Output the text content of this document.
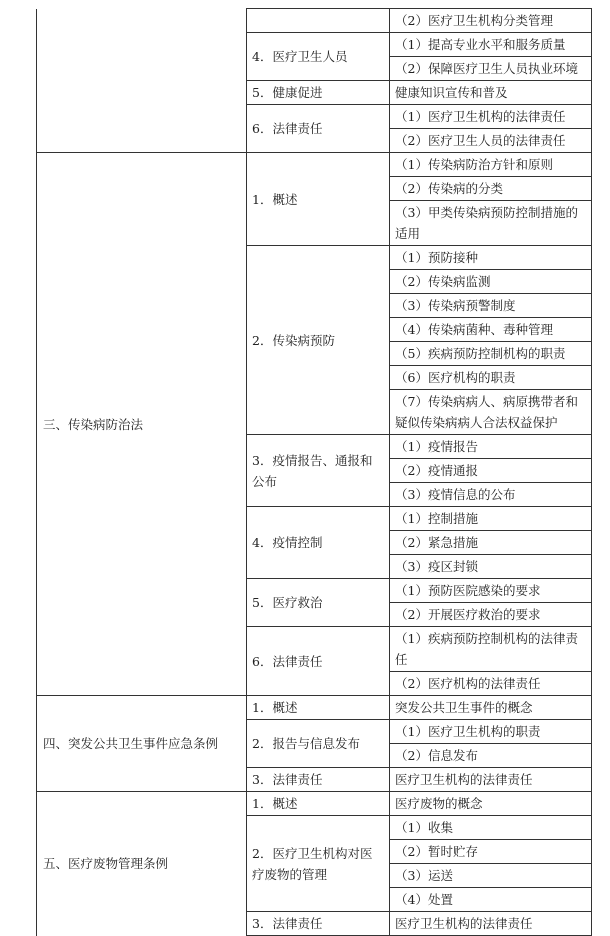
		（2）医疗卫生机构分类管理
	4．医疗卫生人员	（1）提高专业水平和服务质量
		（2）保障医疗卫生人员执业环境
	5．健康促进	健康知识宣传和普及
	6．法律责任	（1）医疗卫生机构的法律责任
		（2）医疗卫生人员的法律责任
三、传染病防治法	1．概述	（1）传染病防治方针和原则
		（2）传染病的分类
		（3）甲类传染病预防控制措施的适用
	2．传染病预防	（1）预防接种
		（2）传染病监测
		（3）传染病预警制度
		（4）传染病菌种、毒种管理
		（5）疾病预防控制机构的职责
		（6）医疗机构的职责
		（7）传染病病人、病原携带者和疑似传染病病人合法权益保护
	3．疫情报告、通报和公布	（1）疫情报告
		（2）疫情通报
		（3）疫情信息的公布
	4．疫情控制	（1）控制措施
		（2）紧急措施
		（3）疫区封锁
	5．医疗救治	（1）预防医院感染的要求
		（2）开展医疗救治的要求
	6．法律责任	（1）疾病预防控制机构的法律责任
		（2）医疗机构的法律责任
四、突发公共卫生事件应急条例	1．概述	突发公共卫生事件的概念
	2．报告与信息发布	（1）医疗卫生机构的职责
		（2）信息发布
	3．法律责任	医疗卫生机构的法律责任
五、医疗废物管理条例	1．概述	医疗废物的概念
	2．医疗卫生机构对医疗废物的管理	（1）收集
		（2）暂时贮存
		（3）运送
		（4）处置
	3．法律责任	医疗卫生机构的法律责任
